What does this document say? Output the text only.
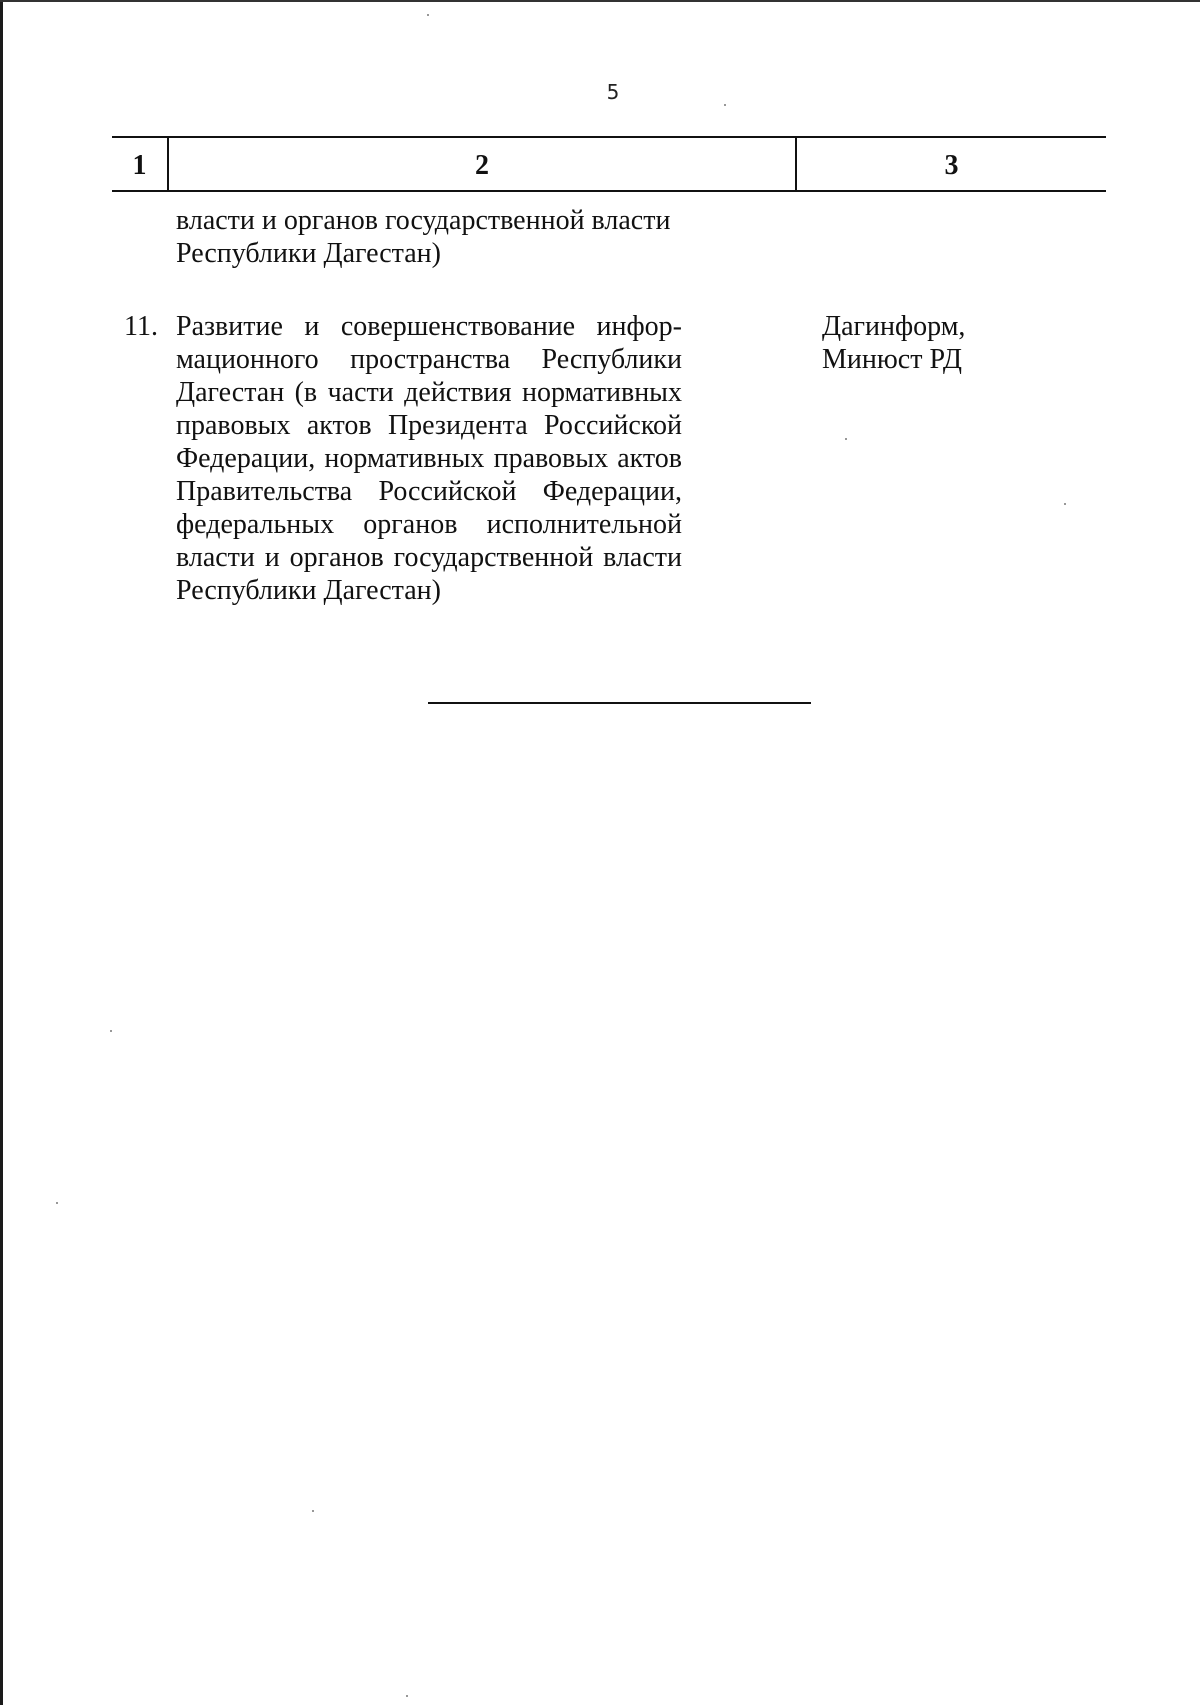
5
1	2	3
власти и органов государственной власти
Республики Дагестан)
11. Развитие и совершенствование инфор-
мационного пространства Республики
Дагестан (в части действия нормативных
правовых актов Президента Российской
Федерации, нормативных правовых актов
Правительства Российской Федерации,
федеральных органов исполнительной
власти и органов государственной власти
Республики Дагестан)
Дагинформ,
Минюст РД
